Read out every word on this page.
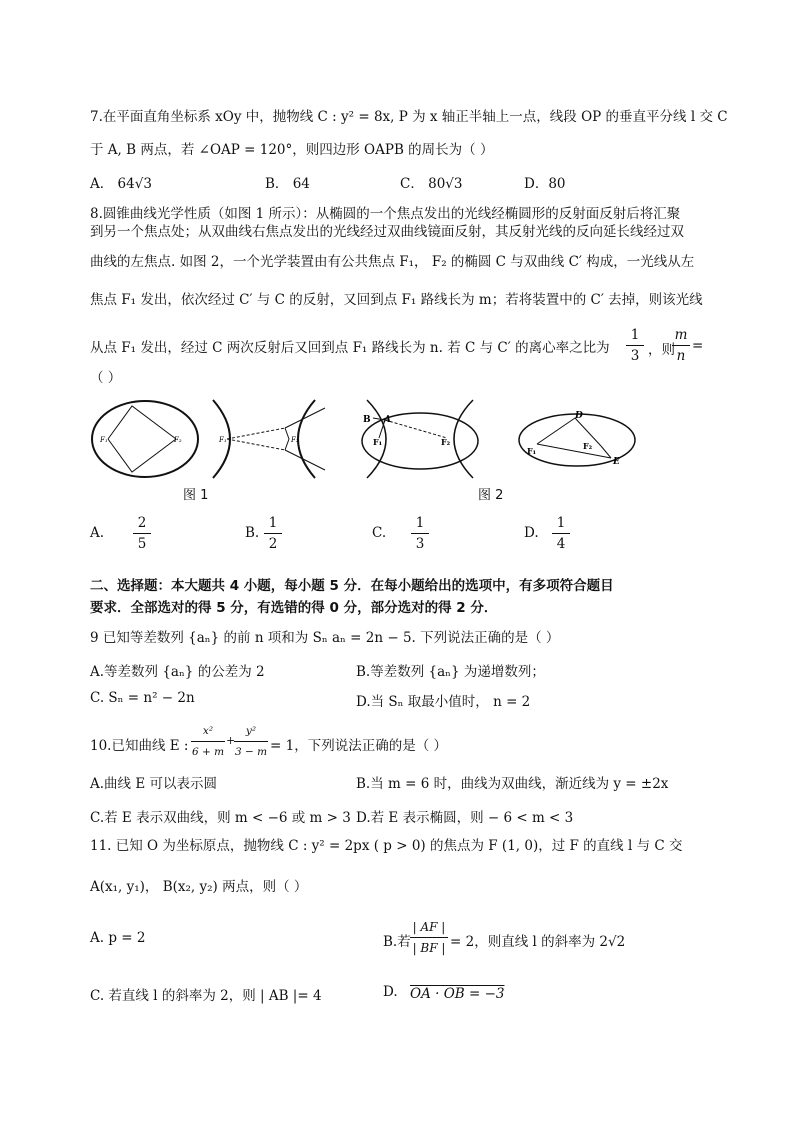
7.在平面直角坐标系 xOy 中，抛物线 C : y² = 8x, P 为 x 轴正半轴上一点，线段 OP 的垂直平分线 l 交 C
于 A, B 两点，若 ∠OAP = 120°，则四边形 OAPB 的周长为（ ）
A． 64√3	B． 64	C． 80√3	D．80
8.圆锥曲线光学性质（如图 1 所示）：从椭圆的一个焦点发出的光线经椭圆形的反射面反射后将汇聚
到另一个焦点处；从双曲线右焦点发出的光线经过双曲线镜面反射，其反射光线的反向延长线经过双
曲线的左焦点. 如图 2，一个光学装置由有公共焦点 F₁， F₂ 的椭圆 C 与双曲线 C′ 构成，一光线从左
焦点 F₁ 发出，依次经过 C′ 与 C 的反射，又回到点 F₁ 路线长为 m；若将装置中的 C′ 去掉，则该光线
从点 F₁ 发出，经过 C 两次反射后又回到点 F₁ 路线长为 n. 若 C 与 C′ 的离心率之比为
1
3 ，则
m
n
=
（ ）
F₁	F₂	F₁	F₂
图 1
B A
F₁	F₂
D
E
F₁	F₂
图 2
A.
2
5
B.
1
2
C.
1
3
D.
1
4
二、选择题：本大题共 4 小题，每小题 5 分．在每小题给出的选项中，有多项符合题目
要求．全部选对的得 5 分，有选错的得 0 分，部分选对的得 2 分．
9 已知等差数列 {aₙ} 的前 n 项和为 Sₙ aₙ = 2n − 5. 下列说法正确的是（ ）
A.等差数列 {aₙ} 的公差为 2	B.等差数列 {aₙ} 为递增数列；
C. Sₙ = n² − 2n	D.当 Sₙ 取最小值时， n = 2
10.已知曲线 E :
x²
6 + m
+
y²
3 − m = 1，下列说法正确的是（ ）
A.曲线 E 可以表示圆	B.当 m = 6 时，曲线为双曲线，渐近线为 y = ±2x
C.若 E 表示双曲线，则 m < −6 或 m > 3 D.若 E 表示椭圆，则 − 6 < m < 3
11. 已知 O 为坐标原点，抛物线 C : y² = 2px ( p > 0) 的焦点为 F (1, 0)，过 F 的直线 l 与 C 交
A(x₁, y₁)， B(x₂, y₂) 两点，则（ ）
A. p = 2	B.若
| AF |
| BF | = 2，则直线 l 的斜率为 2√2
C. 若直线 l 的斜率为 2，则 | AB |= 4	D. OA · OB = −3
